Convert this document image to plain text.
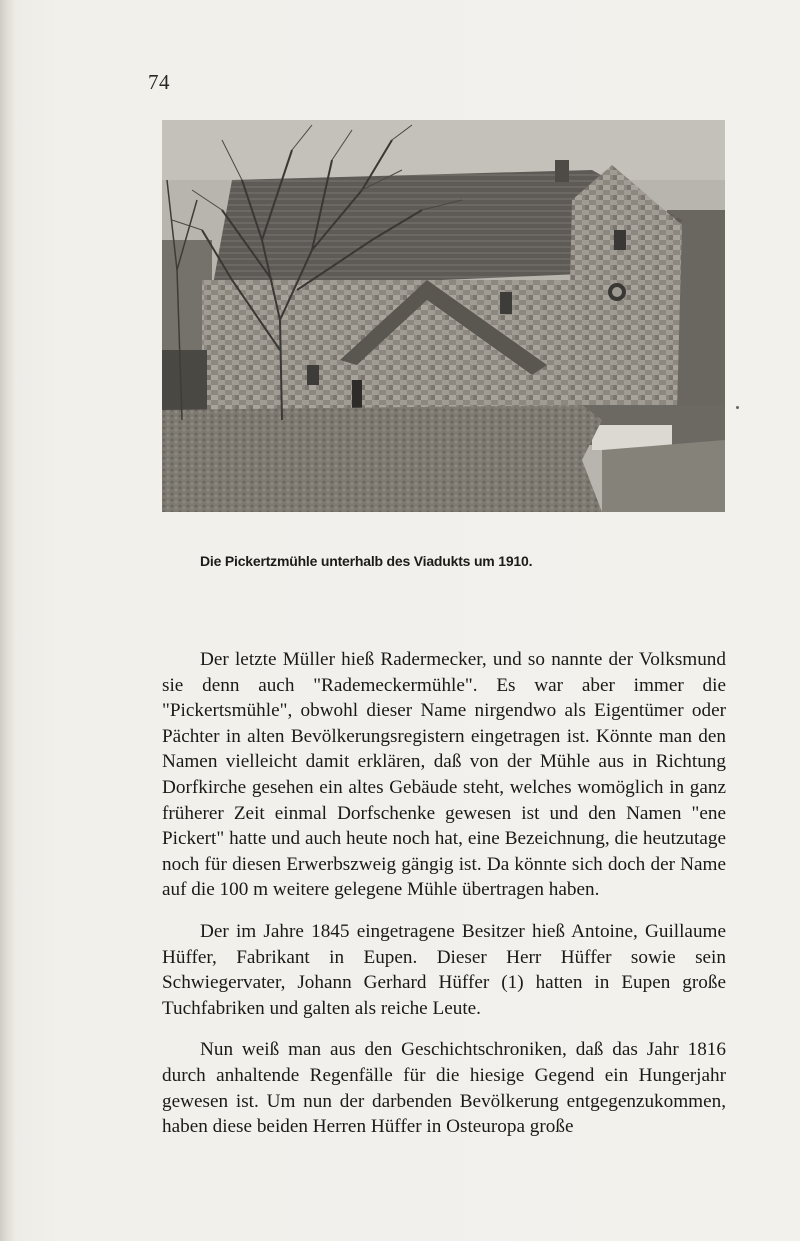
74
Die Pickertzmühle unterhalb des Viadukts um 1910.

Der letzte Müller hieß Radermecker, und so nannte der Volksmund sie denn auch "Rademeckermühle". Es war aber immer die "Pickertsmühle", obwohl dieser Name nirgendwo als Eigentümer oder Pächter in alten Bevölkerungsregistern eingetragen ist. Könnte man den Namen vielleicht damit erklären, daß von der Mühle aus in Richtung Dorfkirche gesehen ein altes Gebäude steht, welches womöglich in ganz früherer Zeit einmal Dorfschenke gewesen ist und den Namen "ene Pickert" hatte und auch heute noch hat, eine Bezeichnung, die heutzutage noch für diesen Erwerbszweig gängig ist. Da könnte sich doch der Name auf die 100 m weitere gelegene Mühle übertragen haben.

Der im Jahre 1845 eingetragene Besitzer hieß Antoine, Guillaume Hüffer, Fabrikant in Eupen. Dieser Herr Hüffer sowie sein Schwiegervater, Johann Gerhard Hüffer (1) hatten in Eupen große Tuchfabriken und galten als reiche Leute.

Nun weiß man aus den Geschichtschroniken, daß das Jahr 1816 durch anhaltende Regenfälle für die hiesige Gegend ein Hungerjahr gewesen ist. Um nun der darbenden Bevölkerung entgegenzukommen, haben diese beiden Herren Hüffer in Osteuropa große
